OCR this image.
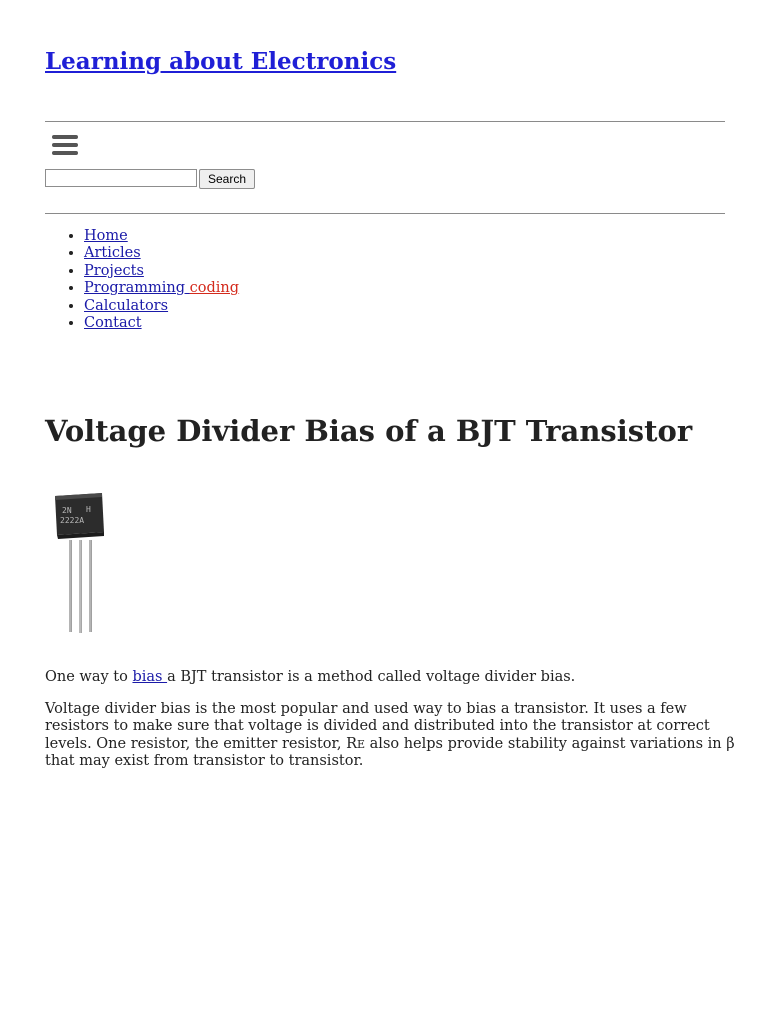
Learning about Electronics
Search
• Home
• Articles
• Projects
• Programming coding
• Calculators
• Contact
Voltage Divider Bias of a BJT Transistor
2N H
2222A

One way to bias a BJT transistor is a method called voltage divider bias.

Voltage divider bias is the most popular and used way to bias a transistor. It uses a few resistors to make sure that voltage is divided and distributed into the transistor at correct levels. One resistor, the emitter resistor, RE also helps provide stability against variations in β that may exist from transistor to transistor.
